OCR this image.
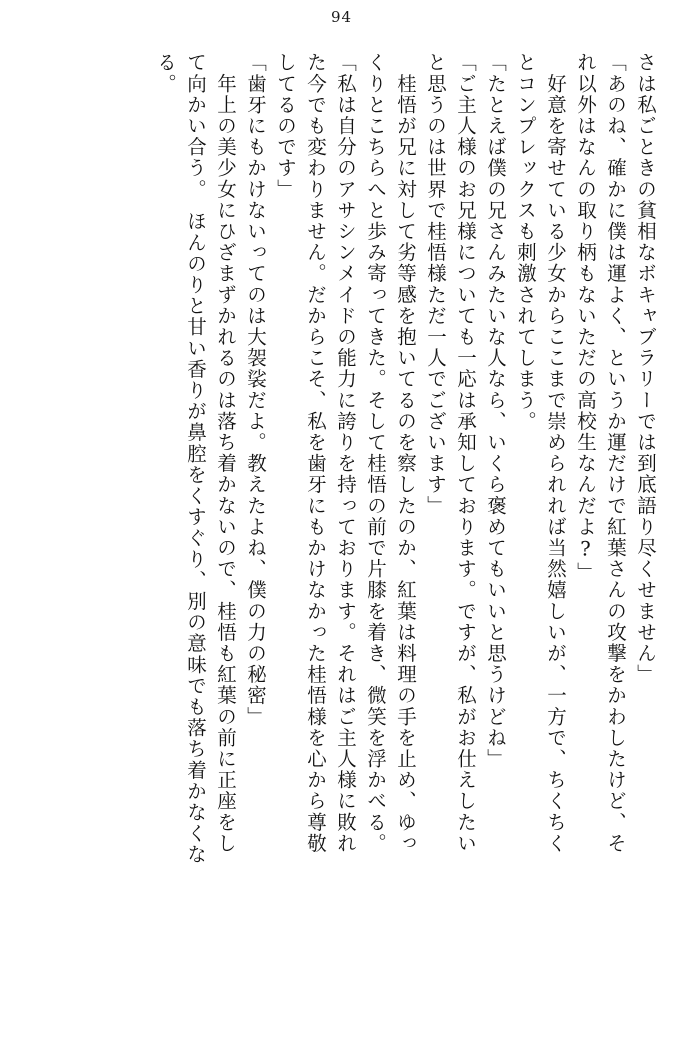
94
さは私ごときの貧相なボキャブラリーでは到底語り尽くせません」
「あのね、確かに僕は運よく、というか運だけで紅葉さんの攻撃をかわしたけど、そ
れ以外はなんの取り柄もないただの高校生なんだよ?」
　好意を寄せている少女からここまで崇められれば当然嬉しいが、一方で、ちくちく
とコンプレックスも刺激されてしまう。
「たとえば僕の兄さんみたいな人なら、いくら褒めてもいいと思うけどね」
「ご主人様のお兄様についても一応は承知しております。ですが、私がお仕えしたい
と思うのは世界で桂悟様ただ一人でございます」
　桂悟が兄に対して劣等感を抱いてるのを察したのか、紅葉は料理の手を止め、ゆっ
くりとこちらへと歩み寄ってきた。そして桂悟の前で片膝を着き、微笑を浮かべる。
「私は自分のアサシンメイドの能力に誇りを持っております。それはご主人様に敗れ
た今でも変わりません。だからこそ、私を歯牙にもかけなかった桂悟様を心から尊敬
してるのです」
「歯牙にもかけないってのは大袈裟だよ。教えたよね、僕の力の秘密」
　年上の美少女にひざまずかれるのは落ち着かないので、桂悟も紅葉の前に正座をし
て向かい合う。　ほんのりと甘い香りが鼻腔をくすぐり、別の意味でも落ち着かなくな
る。
